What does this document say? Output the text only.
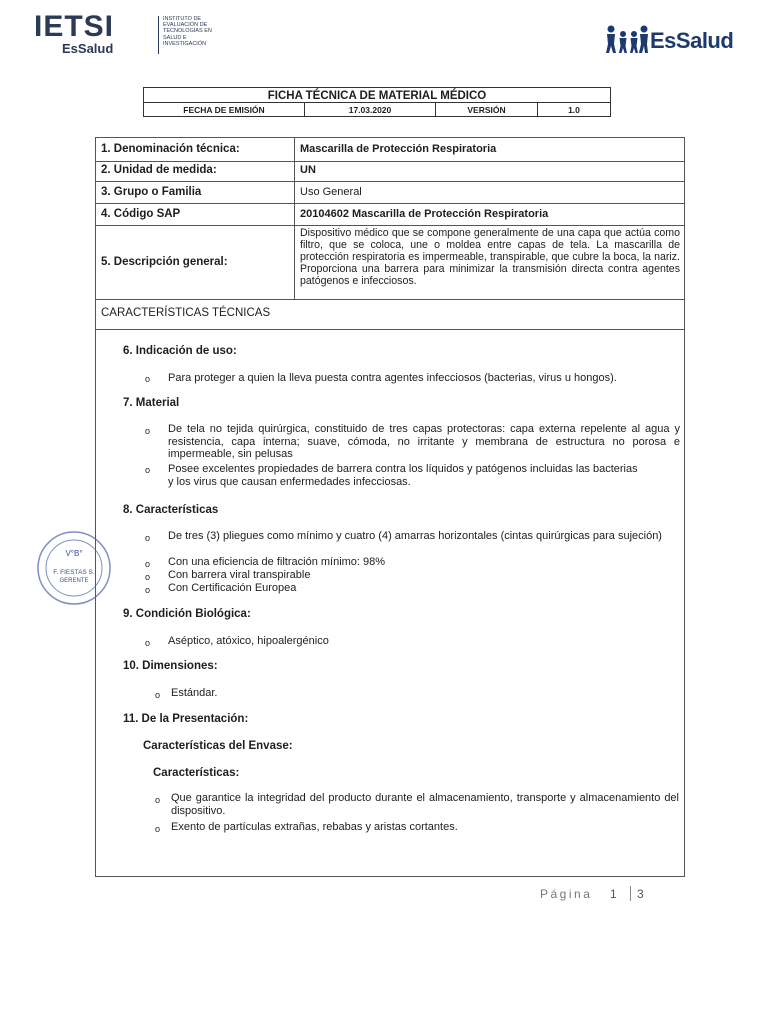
IETSI
EsSalud
INSTITUTO DE EVALUACIÓN DE TECNOLOGÍAS EN SALUD E INVESTIGACIÓN	EsSalud
FICHA TÉCNICA DE MATERIAL MÉDICO
FECHA DE EMISIÓN	17.03.2020	VERSIÓN	1.0
1. Denominación técnica:	Mascarilla de Protección Respiratoria
2. Unidad de medida:	UN
3. Grupo o Familia	Uso General
4. Código SAP	20104602 Mascarilla de Protección Respiratoria
5. Descripción general:
Dispositivo médico que se compone generalmente de una capa que actúa como filtro, que se coloca, une o moldea entre capas de tela. La mascarilla de protección respiratoria es impermeable, transpirable, que cubre la boca, la nariz. Proporciona una barrera para minimizar la transmisión directa contra agentes patógenos e infecciosos.
CARACTERÍSTICAS TÉCNICAS
6. Indicación de uso:
o Para proteger a quien la lleva puesta contra agentes infecciosos (bacterias, virus u hongos).
7. Material
o De tela no tejida quirúrgica, constituido de tres capas protectoras: capa externa repelente al agua y resistencia, capa interna; suave, cómoda, no irritante y membrana de estructura no porosa e impermeable, sin pelusas
o Posee excelentes propiedades de barrera contra los líquidos y patógenos incluidas las bacterias y los virus que causan enfermedades infecciosas.
8. Características
o De tres (3) pliegues como mínimo y cuatro (4) amarras horizontales (cintas quirúrgicas para sujeción)
o Con una eficiencia de filtración mínimo: 98%
o Con barrera viral transpirable
o Con Certificación Europea
9. Condición Biológica:
o Aséptico, atóxico, hipoalergénico
10. Dimensiones:
o Estándar.
11. De la Presentación:
Características del Envase:
Características:
o Que garantice la integridad del producto durante el almacenamiento, transporte y almacenamiento del dispositivo.
o Exento de partículas extrañas, rebabas y aristas cortantes.
V°B°
F. FIESTAS S.
GERENTE
Página 1 3
